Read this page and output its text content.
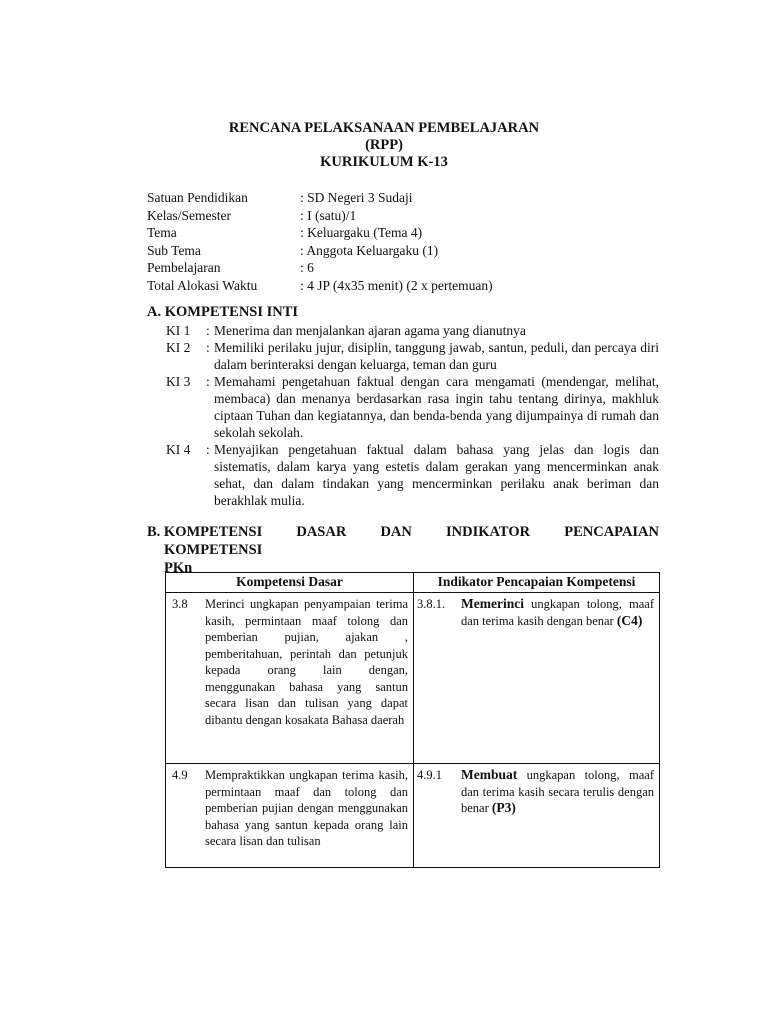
RENCANA PELAKSANAAN PEMBELAJARAN
(RPP)
KURIKULUM K-13
Satuan Pendidikan	: SD Negeri 3 Sudaji
Kelas/Semester	: I (satu)/1
Tema	: Keluargaku (Tema 4)
Sub Tema	: Anggota Keluargaku (1)
Pembelajaran	: 6
Total Alokasi Waktu	: 4 JP (4x35 menit) (2 x pertemuan)
A. KOMPETENSI INTI
KI 1	: Menerima dan menjalankan ajaran agama yang dianutnya
KI 2	: Memiliki perilaku jujur, disiplin, tanggung jawab, santun, peduli, dan percaya diri dalam berinteraksi dengan keluarga, teman dan guru
KI 3	: Memahami pengetahuan faktual dengan cara mengamati (mendengar, melihat, membaca) dan menanya berdasarkan rasa ingin tahu tentang dirinya, makhluk ciptaan Tuhan dan kegiatannya, dan benda-benda yang dijumpainya di rumah dan sekolah sekolah.
KI 4	: Menyajikan pengetahuan faktual dalam bahasa yang jelas dan logis dan sistematis, dalam karya yang estetis dalam gerakan yang mencerminkan anak sehat, dan dalam tindakan yang mencerminkan perilaku anak beriman dan berakhlak mulia.
B. KOMPETENSI DASAR DAN INDIKATOR PENCAPAIAN
KOMPETENSI
PKn
Kompetensi Dasar	Indikator Pencapaian Kompetensi

3.8 Merinci ungkapan penyampaian terima kasih, permintaan maaf tolong dan pemberian pujian, ajakan , pemberitahuan, perintah dan petunjuk kepada orang lain dengan, menggunakan bahasa yang santun secara lisan dan tulisan yang dapat dibantu dengan kosakata Bahasa daerah	3.8.1. Memerinci ungkapan tolong, maaf dan terima kasih dengan benar (C4)

4.9 Mempraktikkan ungkapan terima kasih, permintaan maaf dan tolong dan pemberian pujian dengan menggunakan bahasa yang santun kepada orang lain secara lisan dan tulisan	4.9.1 Membuat ungkapan tolong, maaf dan terima kasih secara terulis dengan benar (P3)
